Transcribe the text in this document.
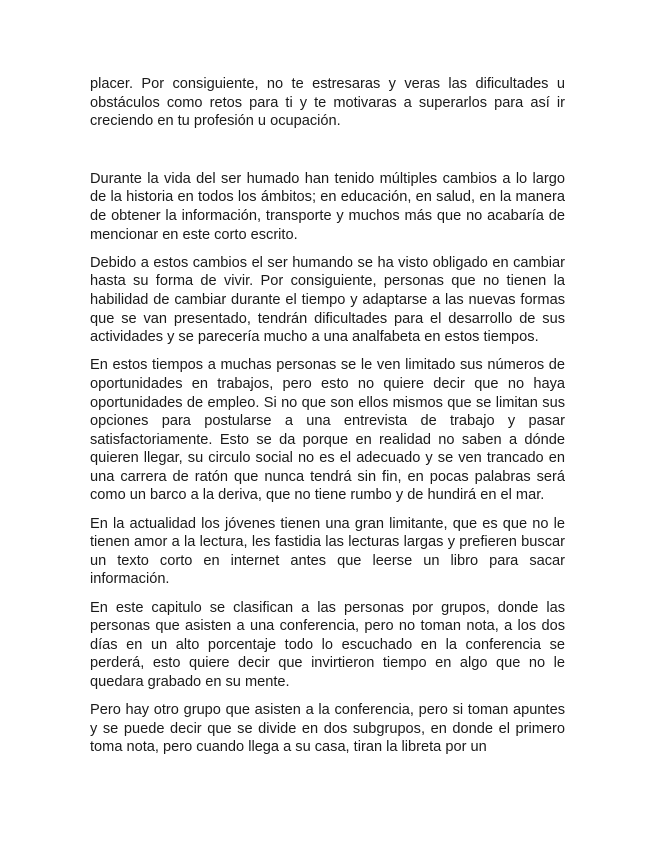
placer. Por consiguiente, no te estresaras y veras las dificultades u obstáculos como retos para ti y te motivaras a superarlos para así ir creciendo en tu profesión u ocupación.

Durante la vida del ser humado han tenido múltiples cambios a lo largo de la historia en todos los ámbitos; en educación, en salud, en la manera de obtener la información, transporte y muchos más que no acabaría de mencionar en este corto escrito.

Debido a estos cambios el ser humando se ha visto obligado en cambiar hasta su forma de vivir. Por consiguiente, personas que no tienen la habilidad de cambiar durante el tiempo y adaptarse a las nuevas formas que se van presentado, tendrán dificultades para el desarrollo de sus actividades y se parecería mucho a una analfabeta en estos tiempos.

En estos tiempos a muchas personas se le ven limitado sus números de oportunidades en trabajos, pero esto no quiere decir que no haya oportunidades de empleo. Si no que son ellos mismos que se limitan sus opciones para postularse a una entrevista de trabajo y pasar satisfactoriamente. Esto se da porque en realidad no saben a dónde quieren llegar, su circulo social no es el adecuado y se ven trancado en una carrera de ratón que nunca tendrá sin fin, en pocas palabras será como un barco a la deriva, que no tiene rumbo y de hundirá en el mar.

En la actualidad los jóvenes tienen una gran limitante, que es que no le tienen amor a la lectura, les fastidia las lecturas largas y prefieren buscar un texto corto en internet antes que leerse un libro para sacar información.

En este capitulo se clasifican a las personas por grupos, donde las personas que asisten a una conferencia, pero no toman nota, a los dos días en un alto porcentaje todo lo escuchado en la conferencia se perderá, esto quiere decir que invirtieron tiempo en algo que no le quedara grabado en su mente.

Pero hay otro grupo que asisten a la conferencia, pero si toman apuntes y se puede decir que se divide en dos subgrupos, en donde el primero toma nota, pero cuando llega a su casa, tiran la libreta por un
